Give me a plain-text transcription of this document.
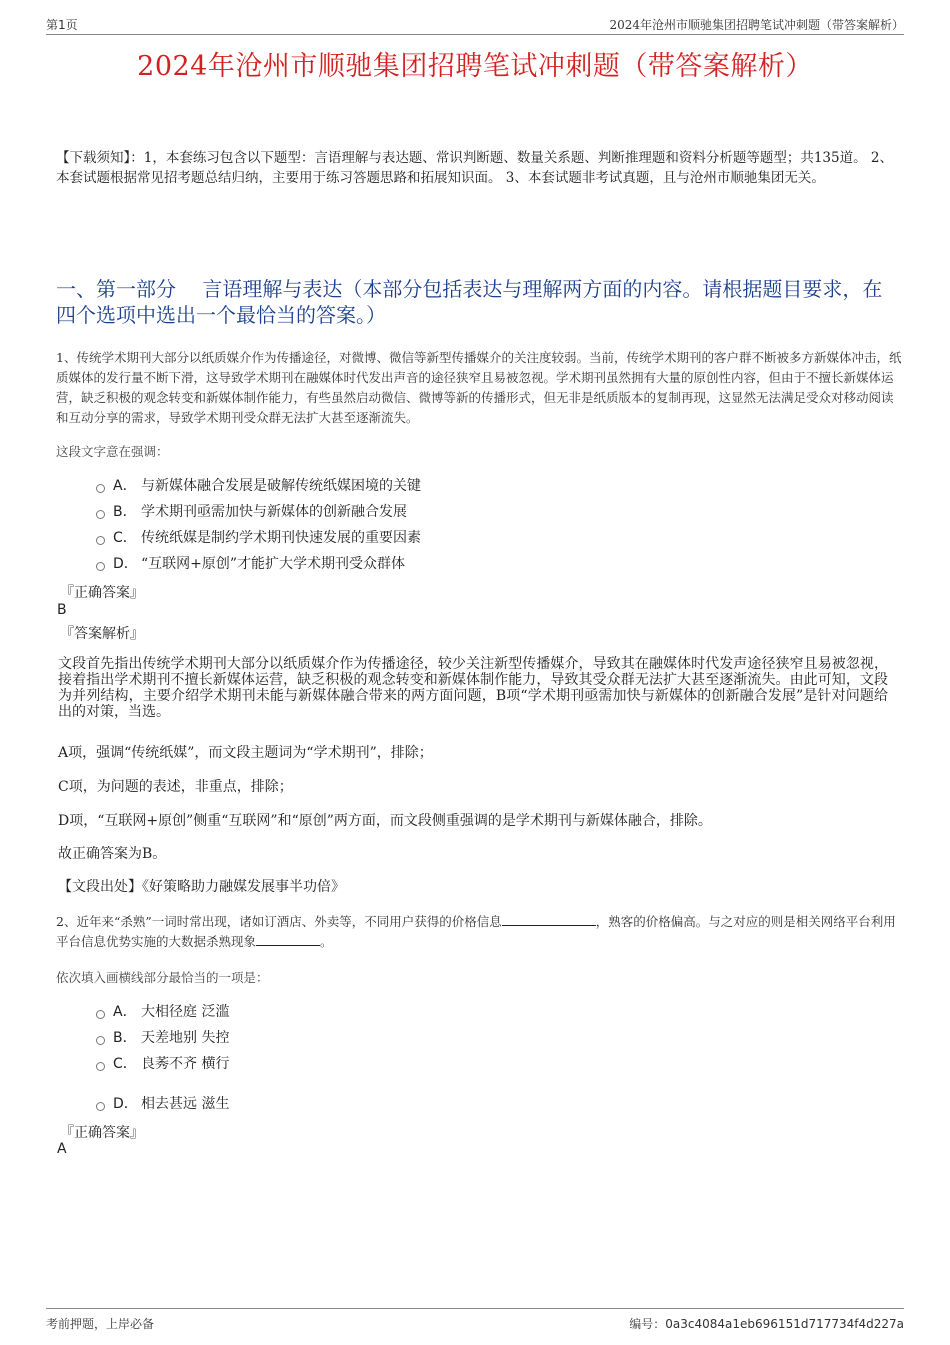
第1页	2024年沧州市顺驰集团招聘笔试冲刺题（带答案解析）
2024年沧州市顺驰集团招聘笔试冲刺题（带答案解析）
【下载须知】：1，本套练习包含以下题型：言语理解与表达题、常识判断题、数量关系题、判断推理题和资料分析题等题型；共135道。 2、本套试题根据常见招考题总结归纳，主要用于练习答题思路和拓展知识面。 3、本套试题非考试真题，且与沧州市顺驰集团无关。
一、第一部分　 言语理解与表达（本部分包括表达与理解两方面的内容。请根据题目要求，在四个选项中选出一个最恰当的答案。）
1、传统学术期刊大部分以纸质媒介作为传播途径，对微博、微信等新型传播媒介的关注度较弱。当前，传统学术期刊的客户群不断被多方新媒体冲击，纸质媒体的发行量不断下滑，这导致学术期刊在融媒体时代发出声音的途径狭窄且易被忽视。学术期刊虽然拥有大量的原创性内容，但由于不擅长新媒体运营，缺乏积极的观念转变和新媒体制作能力，有些虽然启动微信、微博等新的传播形式，但无非是纸质版本的复制再现，这显然无法满足受众对移动阅读和互动分享的需求，导致学术期刊受众群无法扩大甚至逐渐流失。
这段文字意在强调：
A． 与新媒体融合发展是破解传统纸媒困境的关键
B． 学术期刊亟需加快与新媒体的创新融合发展
C． 传统纸媒是制约学术期刊快速发展的重要因素
D． “互联网+原创”才能扩大学术期刊受众群体
『正确答案』
B
『答案解析』
文段首先指出传统学术期刊大部分以纸质媒介作为传播途径，较少关注新型传播媒介，导致其在融媒体时代发声途径狭窄且易被忽视，接着指出学术期刊不擅长新媒体运营，缺乏积极的观念转变和新媒体制作能力，导致其受众群无法扩大甚至逐渐流失。由此可知，文段为并列结构，主要介绍学术期刊未能与新媒体融合带来的两方面问题，B项“学术期刊亟需加快与新媒体的创新融合发展”是针对问题给出的对策，当选。
A项，强调“传统纸媒”，而文段主题词为“学术期刊”，排除；
C项，为问题的表述，非重点，排除；
D项，“互联网+原创”侧重“互联网”和“原创”两方面，而文段侧重强调的是学术期刊与新媒体融合，排除。
故正确答案为B。
【文段出处】《好策略助力融媒发展事半功倍》
2、近年来“杀熟”一词时常出现，诸如订酒店、外卖等，不同用户获得的价格信息	，熟客的价格偏高。与之对应的则是相关网络平台利用平台信息优势实施的大数据杀熟现象	。
依次填入画横线部分最恰当的一项是：
A． 大相径庭 泛滥
B． 天差地别 失控
C． 良莠不齐 横行
D． 相去甚远 滋生
『正确答案』
A
考前押题，上岸必备	编号：0a3c4084a1eb696151d717734f4d227a
